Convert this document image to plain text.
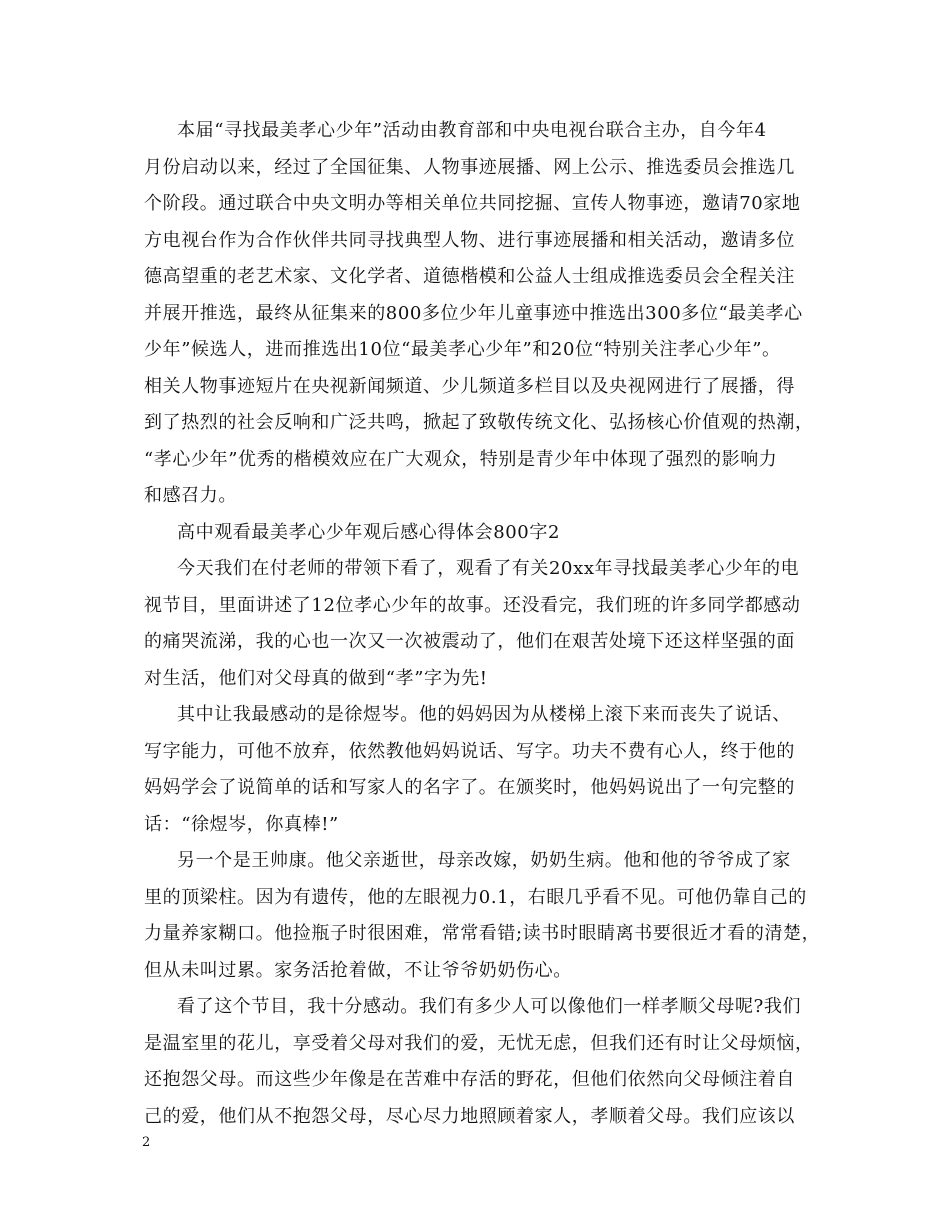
本届“寻找最美孝心少年”活动由教育部和中央电视台联合主办，自今年4
月份启动以来，经过了全国征集、人物事迹展播、网上公示、推选委员会推选几
个阶段。通过联合中央文明办等相关单位共同挖掘、宣传人物事迹，邀请70家地
方电视台作为合作伙伴共同寻找典型人物、进行事迹展播和相关活动，邀请多位
德高望重的老艺术家、文化学者、道德楷模和公益人士组成推选委员会全程关注
并展开推选，最终从征集来的800多位少年儿童事迹中推选出300多位“最美孝心
少年”候选人，进而推选出10位“最美孝心少年”和20位“特别关注孝心少年”。
相关人物事迹短片在央视新闻频道、少儿频道多栏目以及央视网进行了展播，得
到了热烈的社会反响和广泛共鸣，掀起了致敬传统文化、弘扬核心价值观的热潮，
“孝心少年”优秀的楷模效应在广大观众，特别是青少年中体现了强烈的影响力
和感召力。
高中观看最美孝心少年观后感心得体会800字2
今天我们在付老师的带领下看了，观看了有关20xx年寻找最美孝心少年的电
视节目，里面讲述了12位孝心少年的故事。还没看完，我们班的许多同学都感动
的痛哭流涕，我的心也一次又一次被震动了，他们在艰苦处境下还这样坚强的面
对生活，他们对父母真的做到“孝”字为先!
其中让我最感动的是徐煜岑。他的妈妈因为从楼梯上滚下来而丧失了说话、
写字能力，可他不放弃，依然教他妈妈说话、写字。功夫不费有心人，终于他的
妈妈学会了说简单的话和写家人的名字了。在颁奖时，他妈妈说出了一句完整的
话：“徐煜岑，你真棒!”
另一个是王帅康。他父亲逝世，母亲改嫁，奶奶生病。他和他的爷爷成了家
里的顶梁柱。因为有遗传，他的左眼视力0.1，右眼几乎看不见。可他仍靠自己的
力量养家糊口。他捡瓶子时很困难，常常看错;读书时眼睛离书要很近才看的清楚，
但从未叫过累。家务活抢着做，不让爷爷奶奶伤心。
看了这个节目，我十分感动。我们有多少人可以像他们一样孝顺父母呢?我们
是温室里的花儿，享受着父母对我们的爱，无忧无虑，但我们还有时让父母烦恼，
还抱怨父母。而这些少年像是在苦难中存活的野花，但他们依然向父母倾注着自
己的爱，他们从不抱怨父母，尽心尽力地照顾着家人，孝顺着父母。我们应该以
2
